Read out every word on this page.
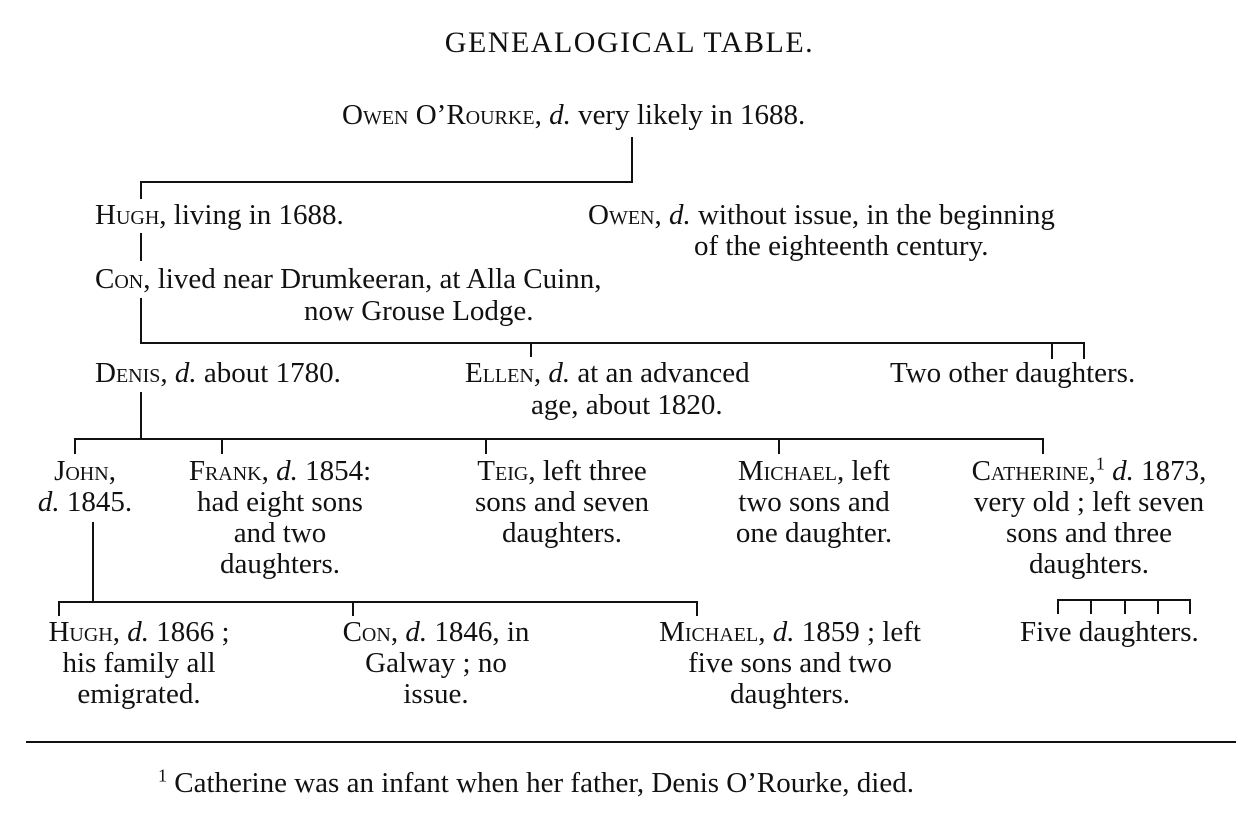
GENEALOGICAL TABLE.
Owen O’Rourke, d. very likely in 1688.
Hugh, living in 1688.	Owen, d. without issue, in the beginning
of the eighteenth century.
Con, lived near Drumkeeran, at Alla Cuinn,
now Grouse Lodge.
Denis, d. about 1780.	Ellen, d. at an advanced
age, about 1820.
Two other daughters.
John,
d. 1845.
Frank, d. 1854:
had eight sons
and two
daughters.
Teig, left three
sons and seven
daughters.
Michael, left
two sons and
one daughter.
Catherine,$^1$ d. 1873,
very old ; left seven
sons and three
daughters.
Hugh, d. 1866 ;
his family all
emigrated.
Con, d. 1846, in
Galway ; no
issue.
Michael, d. 1859 ; left
five sons and two
daughters.
Five daughters.
$^1$ Catherine was an infant when her father, Denis O’Rourke, died.
